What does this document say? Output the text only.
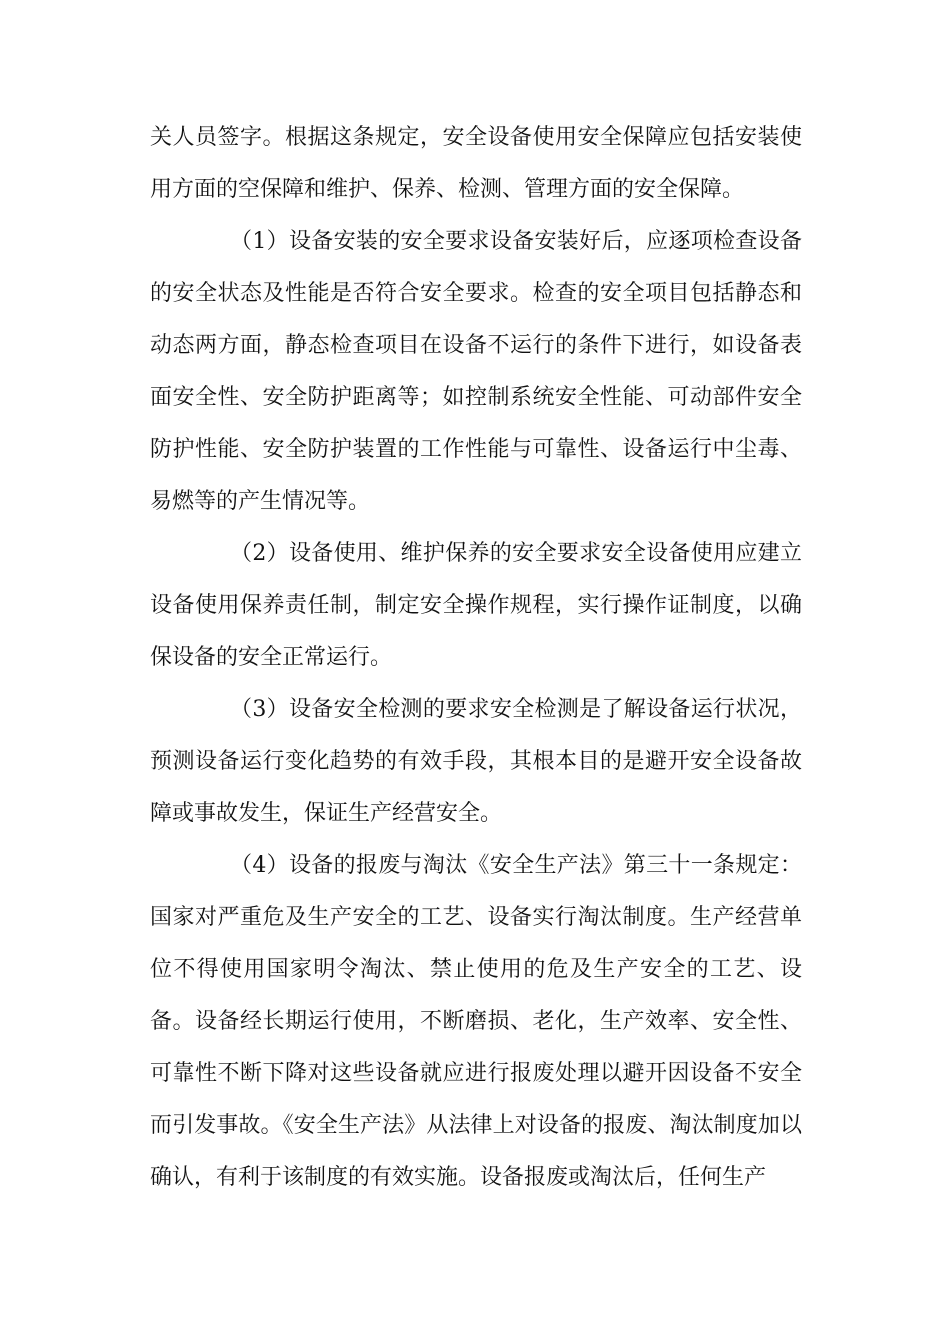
关人员签字。根据这条规定，安全设备使用安全保障应包括安装使用方面的空保障和维护、保养、检测、管理方面的安全保障。

（1）设备安装的安全要求设备安装好后，应逐项检查设备的安全状态及性能是否符合安全要求。检查的安全项目包括静态和动态两方面，静态检查项目在设备不运行的条件下进行，如设备表面安全性、安全防护距离等；如控制系统安全性能、可动部件安全防护性能、安全防护装置的工作性能与可靠性、设备运行中尘毒、易燃等的产生情况等。

（2）设备使用、维护保养的安全要求安全设备使用应建立设备使用保养责任制，制定安全操作规程，实行操作证制度，以确保设备的安全正常运行。

（3）设备安全检测的要求安全检测是了解设备运行状况，预测设备运行变化趋势的有效手段，其根本目的是避开安全设备故障或事故发生，保证生产经营安全。

（4）设备的报废与淘汰《安全生产法》第三十一条规定：国家对严重危及生产安全的工艺、设备实行淘汰制度。生产经营单位不得使用国家明令淘汰、禁止使用的危及生产安全的工艺、设备。设备经长期运行使用，不断磨损、老化，生产效率、安全性、可靠性不断下降对这些设备就应进行报废处理以避开因设备不安全而引发事故。《安全生产法》从法律上对设备的报废、淘汰制度加以确认，有利于该制度的有效实施。设备报废或淘汰后，任何生产
